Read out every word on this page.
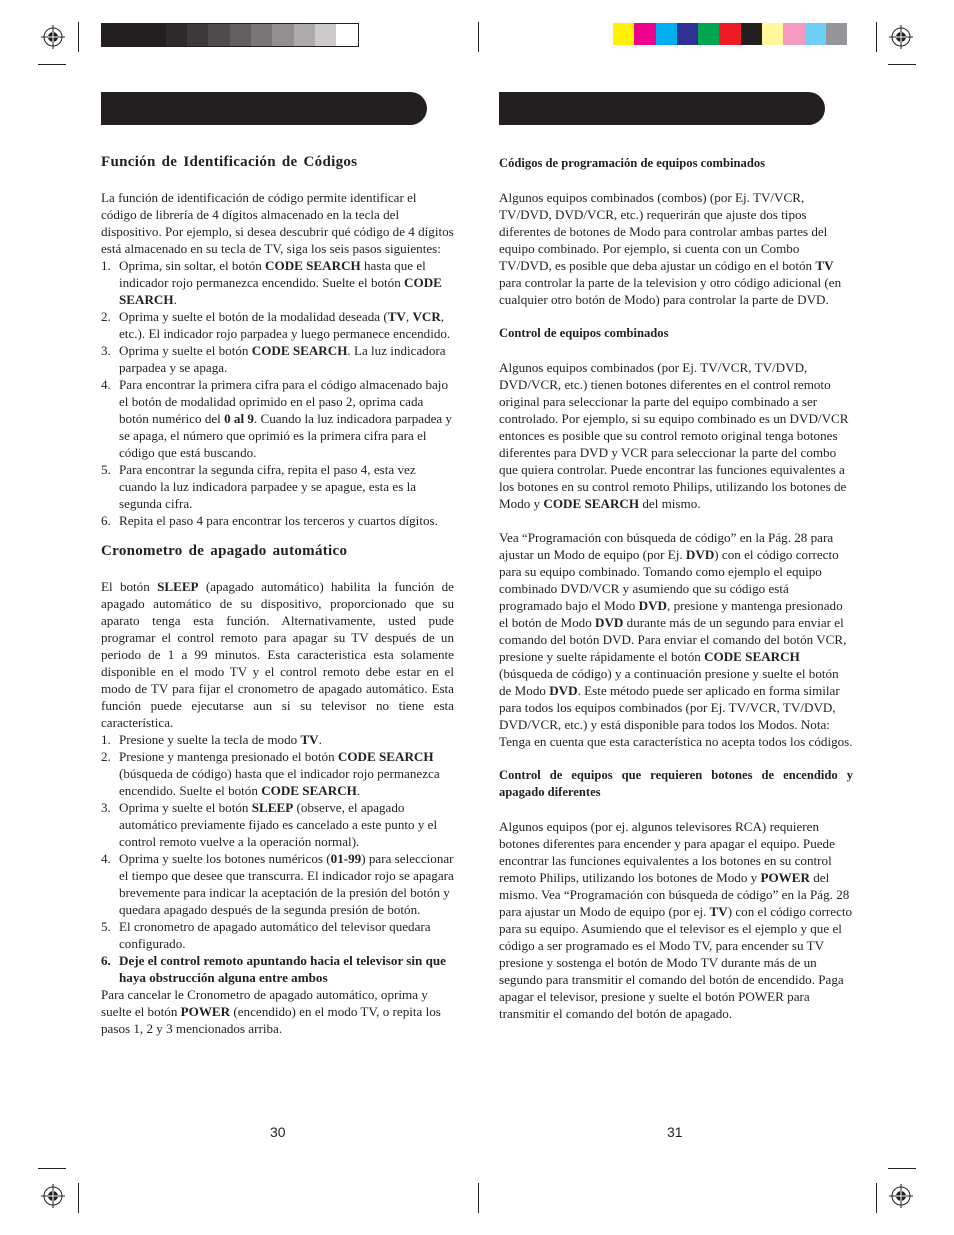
Función de Identificación de Códigos

La función de identificación de código permite identificar el código de librería de 4 dígitos almacenado en la tecla del dispositivo. Por ejemplo, si desea descubrir qué código de 4 dígitos está almacenado en su tecla de TV, siga los seis pasos siguientes:

1. Oprima, sin soltar, el botón CODE SEARCH hasta que el indicador rojo permanezca encendido. Suelte el botón CODE SEARCH.
2. Oprima y suelte el botón de la modalidad deseada (TV, VCR, etc.). El indicador rojo parpadea y luego permanece encendido.
3. Oprima y suelte el botón CODE SEARCH. La luz indicadora parpadea y se apaga.
4. Para encontrar la primera cifra para el código almacenado bajo el botón de modalidad oprimido en el paso 2, oprima cada botón numérico del 0 al 9. Cuando la luz indicadora parpadea y se apaga, el número que oprimió es la primera cifra para el código que está buscando.
5. Para encontrar la segunda cifra, repita el paso 4, esta vez cuando la luz indicadora parpadee y se apague, esta es la segunda cifra.
6. Repita el paso 4 para encontrar los terceros y cuartos dígitos.

Cronometro de apagado automático

El botón SLEEP (apagado automático) habilita la función de apagado automático de su dispositivo, proporcionado que su aparato tenga esta función. Alternativamente, usted pude programar el control remoto para apagar su TV después de un periodo de 1 a 99 minutos. Esta caracteristica esta solamente disponible en el modo TV y el control remoto debe estar en el modo de TV para fijar el cronometro de apagado automático. Esta función puede ejecutarse aun si su televisor no tiene esta característica.

1. Presione y suelte la tecla de modo TV.
2. Presione y mantenga presionado el botón CODE SEARCH (búsqueda de código) hasta que el indicador rojo permanezca encendido. Suelte el botón CODE SEARCH.
3. Oprima y suelte el botón SLEEP (observe, el apagado automático previamente fijado es cancelado a este punto y el control remoto vuelve a la operación normal).
4. Oprima y suelte los botones numéricos (01-99) para seleccionar el tiempo que desee que transcurra. El indicador rojo se apagara brevemente para indicar la aceptación de la presión del botón y quedara apagado después de la segunda presión de botón.
5. El cronometro de apagado automático del televisor quedara configurado.
6. Deje el control remoto apuntando hacia el televisor sin que haya obstrucción alguna entre ambos

Para cancelar le Cronometro de apagado automático, oprima y suelte el botón POWER (encendido) en el modo TV, o repita los pasos 1, 2 y 3 mencionados arriba.

30

Códigos de programación de equipos combinados

Algunos equipos combinados (combos) (por Ej. TV/VCR, TV/DVD, DVD/VCR, etc.) requerirán que ajuste dos tipos diferentes de botones de Modo para controlar ambas partes del equipo combinado. Por ejemplo, si cuenta con un Combo TV/DVD, es posible que deba ajustar un código en el botón TV para controlar la parte de la television y otro código adicional (en cualquier otro botón de Modo) para controlar la parte de DVD.

Control de equipos combinados

Algunos equipos combinados (por Ej. TV/VCR, TV/DVD, DVD/VCR, etc.) tienen botones diferentes en el control remoto original para seleccionar la parte del equipo combinado a ser controlado. Por ejemplo, si su equipo combinado es un DVD/VCR entonces es posible que su control remoto original tenga botones diferentes para DVD y VCR para seleccionar la parte del combo que quiera controlar. Puede encontrar las funciones equivalentes a los botones en su control remoto Philips, utilizando los botones de Modo y CODE SEARCH del mismo.

Vea “Programación con búsqueda de código” en la Pág. 28 para ajustar un Modo de equipo (por Ej. DVD) con el código correcto para su equipo combinado. Tomando como ejemplo el equipo combinado DVD/VCR y asumiendo que su código está programado bajo el Modo DVD, presione y mantenga presionado el botón de Modo DVD durante más de un segundo para enviar el comando del botón DVD. Para enviar el comando del botón VCR, presione y suelte rápidamente el botón CODE SEARCH (búsqueda de código) y a continuación presione y suelte el botón de Modo DVD. Este método puede ser aplicado en forma similar para todos los equipos combinados (por Ej. TV/VCR, TV/DVD, DVD/VCR, etc.) y está disponible para todos los Modos. Nota: Tenga en cuenta que esta característica no acepta todos los códigos.

Control de equipos que requieren botones de encendido y apagado diferentes

Algunos equipos (por ej. algunos televisores RCA) requieren botones diferentes para encender y para apagar el equipo. Puede encontrar las funciones equivalentes a los botones en su control remoto Philips, utilizando los botones de Modo y POWER del mismo. Vea “Programación con búsqueda de código” en la Pág. 28 para ajustar un Modo de equipo (por ej. TV) con el código correcto para su equipo. Asumiendo que el televisor es el ejemplo y que el código a ser programado es el Modo TV, para encender su TV presione y sostenga el botón de Modo TV durante más de un segundo para transmitir el comando del botón de encendido. Paga apagar el televisor, presione y suelte el botón POWER para transmitir el comando del botón de apagado.

31
